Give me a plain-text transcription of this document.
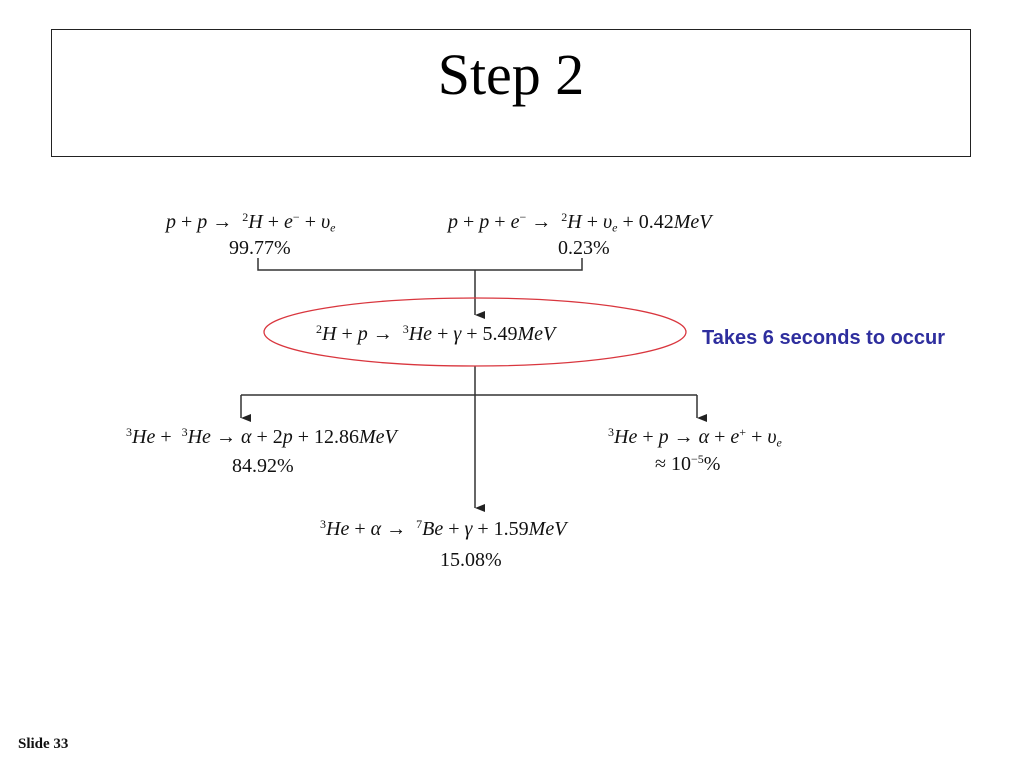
Step 2
$p + p \to ^2H + e^- + \upsilon_e$
99.77%
$p + p + e^- \to ^2H + \upsilon_e + 0.42MeV$
0.23%
$^2$H + p →  $^3$He + γ + 5.49MeV	Takes 6 seconds to occur
$^3$He +  $^3$He → α + 2p + 12.86MeV
84.92%
$^3He + p \to \alpha + e^+ + \upsilon_e$
≈ $10^{-5}\%$
$^3$He + α →  $^7$Be + γ + 1.59MeV
15.08%
Slide 33
